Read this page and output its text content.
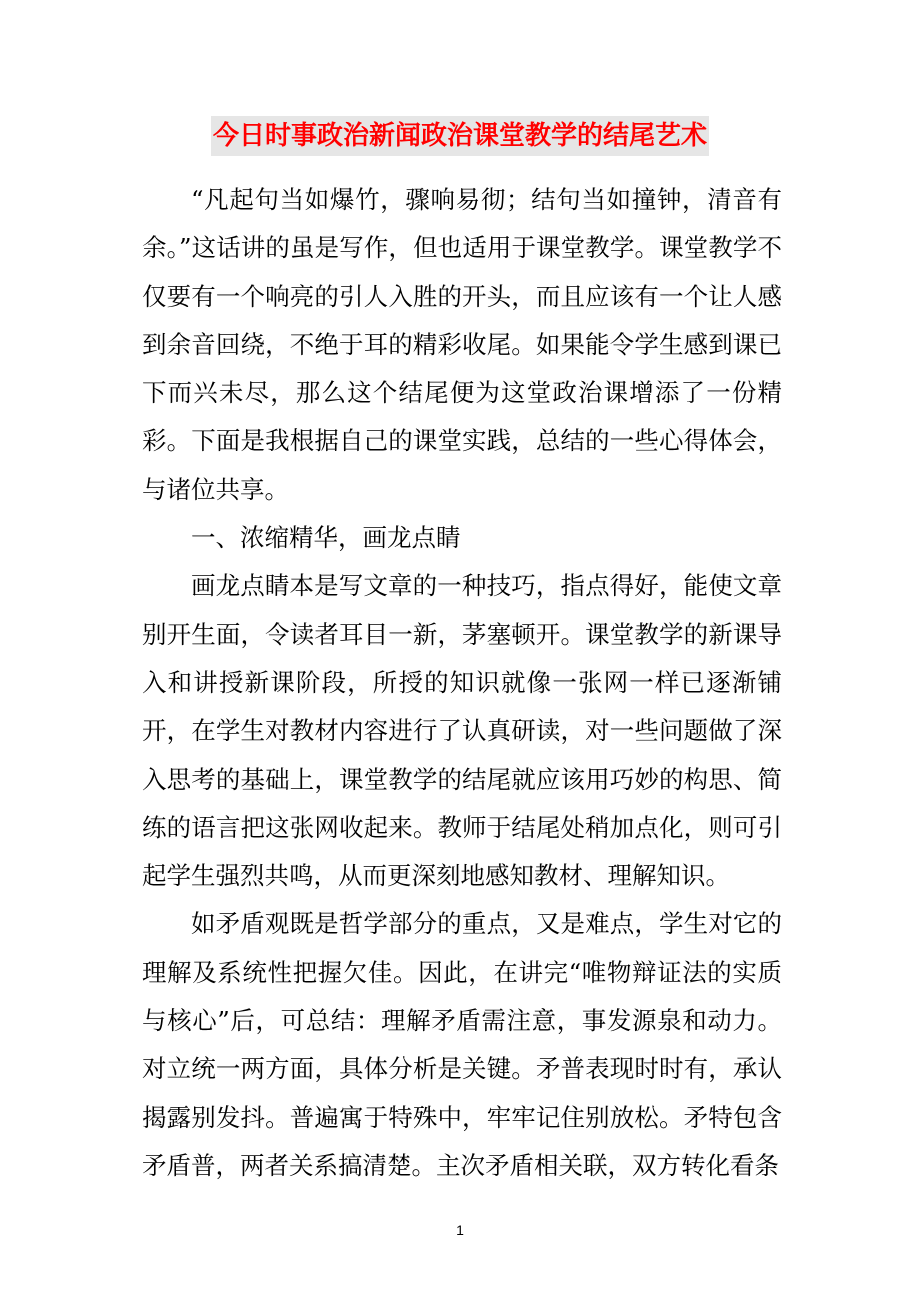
今日时事政治新闻政治课堂教学的结尾艺术

“凡起句当如爆竹，骤响易彻；结句当如撞钟，清音有余。”这话讲的虽是写作，但也适用于课堂教学。课堂教学不仅要有一个响亮的引人入胜的开头，而且应该有一个让人感到余音回绕，不绝于耳的精彩收尾。如果能令学生感到课已下而兴未尽，那么这个结尾便为这堂政治课增添了一份精彩。下面是我根据自己的课堂实践，总结的一些心得体会，与诸位共享。

一、浓缩精华，画龙点睛

画龙点睛本是写文章的一种技巧，指点得好，能使文章别开生面，令读者耳目一新，茅塞顿开。课堂教学的新课导入和讲授新课阶段，所授的知识就像一张网一样已逐渐铺开，在学生对教材内容进行了认真研读，对一些问题做了深入思考的基础上，课堂教学的结尾就应该用巧妙的构思、简练的语言把这张网收起来。教师于结尾处稍加点化，则可引起学生强烈共鸣，从而更深刻地感知教材、理解知识。

如矛盾观既是哲学部分的重点，又是难点，学生对它的理解及系统性把握欠佳。因此，在讲完“唯物辩证法的实质与核心”后，可总结：理解矛盾需注意，事发源泉和动力。对立统一两方面，具体分析是关键。矛普表现时时有，承认揭露别发抖。普遍寓于特殊中，牢牢记住别放松。矛特包含矛盾普，两者关系搞清楚。主次矛盾相关联，双方转化看条

1
